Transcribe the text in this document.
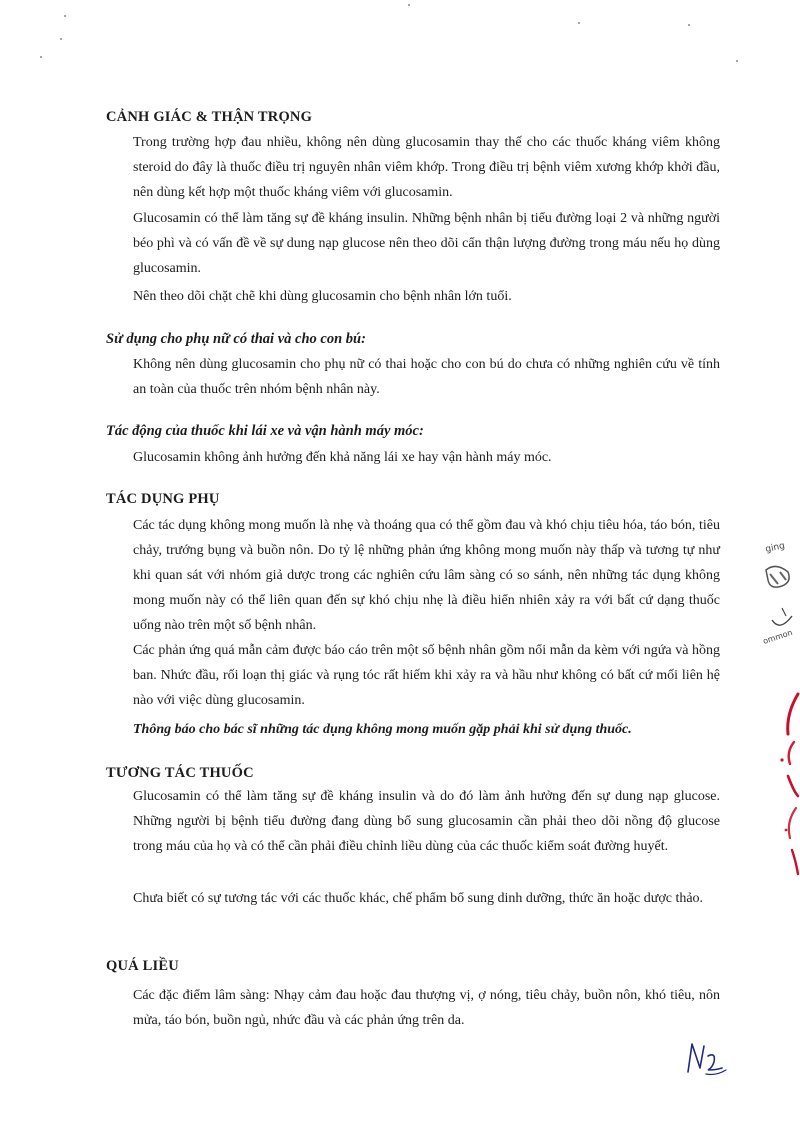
CẢNH GIÁC & THẬN TRỌNG

Trong trường hợp đau nhiều, không nên dùng glucosamin thay thế cho các thuốc kháng viêm không steroid do đây là thuốc điều trị nguyên nhân viêm khớp. Trong điều trị bệnh viêm xương khớp khởi đầu, nên dùng kết hợp một thuốc kháng viêm với glucosamin.

Glucosamin có thể làm tăng sự đề kháng insulin. Những bệnh nhân bị tiểu đường loại 2 và những người béo phì và có vấn đề về sự dung nạp glucose nên theo dõi cẩn thận lượng đường trong máu nếu họ dùng glucosamin.

Nên theo dõi chặt chẽ khi dùng glucosamin cho bệnh nhân lớn tuổi.

Sử dụng cho phụ nữ có thai và cho con bú:

Không nên dùng glucosamin cho phụ nữ có thai hoặc cho con bú do chưa có những nghiên cứu về tính an toàn của thuốc trên nhóm bệnh nhân này.

Tác động của thuốc khi lái xe và vận hành máy móc:

Glucosamin không ảnh hưởng đến khả năng lái xe hay vận hành máy móc.

TÁC DỤNG PHỤ

Các tác dụng không mong muốn là nhẹ và thoáng qua có thể gồm đau và khó chịu tiêu hóa, táo bón, tiêu chảy, trướng bụng và buồn nôn. Do tỷ lệ những phản ứng không mong muốn này thấp và tương tự như khi quan sát với nhóm giả dược trong các nghiên cứu lâm sàng có so sánh, nên những tác dụng không mong muốn này có thể liên quan đến sự khó chịu nhẹ là điều hiển nhiên xảy ra với bất cứ dạng thuốc uống nào trên một số bệnh nhân.

Các phản ứng quá mẫn cảm được báo cáo trên một số bệnh nhân gồm nổi mẫn da kèm với ngứa và hồng ban. Nhức đầu, rối loạn thị giác và rụng tóc rất hiếm khi xảy ra và hầu như không có bất cứ mối liên hệ nào với việc dùng glucosamin.

Thông báo cho bác sĩ những tác dụng không mong muốn gặp phải khi sử dụng thuốc.

TƯƠNG TÁC THUỐC

Glucosamin có thể làm tăng sự đề kháng insulin và do đó làm ảnh hưởng đến sự dung nạp glucose. Những người bị bệnh tiểu đường đang dùng bổ sung glucosamin cần phải theo dõi nồng độ glucose trong máu của họ và có thể cần phải điều chỉnh liều dùng của các thuốc kiểm soát đường huyết.

Chưa biết có sự tương tác với các thuốc khác, chế phẩm bổ sung dinh dưỡng, thức ăn hoặc dược thảo.

QUÁ LIỀU

Các đặc điểm lâm sàng: Nhạy cảm đau hoặc đau thượng vị, ợ nóng, tiêu chảy, buồn nôn, khó tiêu, nôn mửa, táo bón, buồn ngủ, nhức đầu và các phản ứng trên da.

ging
ommon
